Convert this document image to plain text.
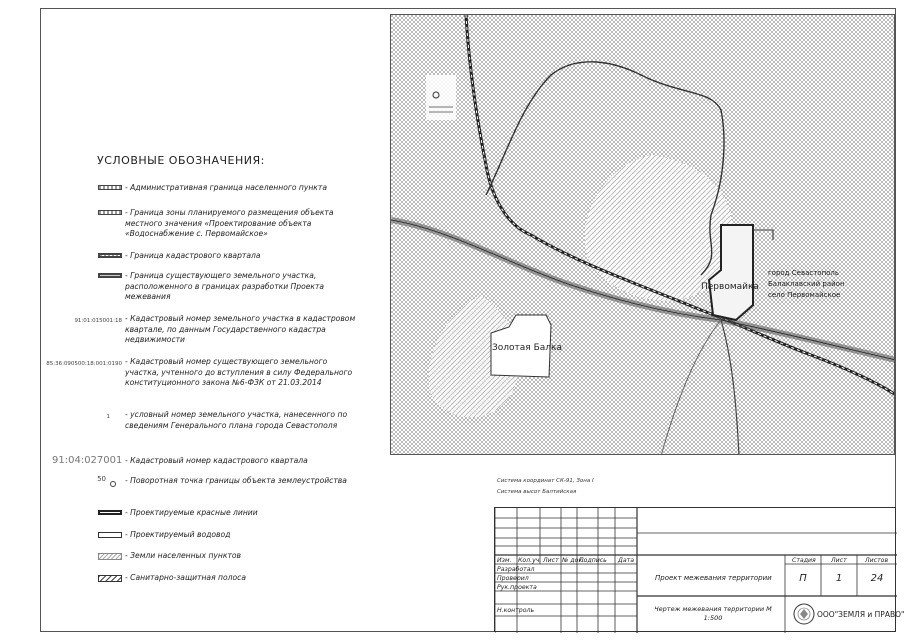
УСЛОВНЫЕ ОБОЗНАЧЕНИЯ:
- Административная граница населенного пункта
- Граница зоны планируемого размещения объекта местного значения «Проектирование объекта «Водоснабжение с. Первомайское»
- Граница кадастрового квартала
- Граница существующего земельного участка, расположенного в границах разработки Проекта межевания
91:01:015001:18 - Кадастровый номер земельного участка в кадастровом квартале, по данным Государственного кадастра недвижимости
85:36:090500:18:001:0190 - Кадастровый номер существующего земельного участка, учтенного до вступления в силу Федерального конституционного закона №6-ФЗК от 21.03.2014
1 - условный номер земельного участка, нанесенного по сведениям Генерального плана города Севастополя
91:04:027001 - Кадастровый номер кадастрового квартала
50	- Поворотная точка границы объекта землеустройства
- Проектируемые красные линии
- Проектируемый водовод
- Земли населенных пунктов
- Санитарно-защитная полоса
Первомайка
город Севастополь Балаклавский район село Первомайское
Золотая Балка
Система координат СК-91, Зона I
Система высот Балтийская
Изм. Кол.уч. Лист № док.
Подпись Дата
Разработал
Проверил
Рук.проекта
Н.контроль
Проект межевания территории
Стадия Лист	Листов
П	1	24
Чертеж межевания территории М 1:500	ООО"ЗЕМЛЯ и ПРАВО"
